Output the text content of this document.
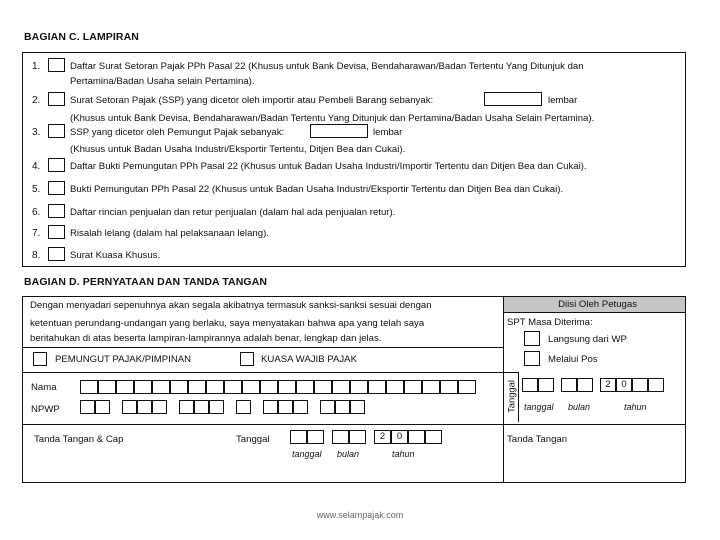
BAGIAN C. LAMPIRAN
1.	Daftar Surat Setoran Pajak PPh Pasal 22 (Khusus untuk Bank Devisa, Bendaharawan/Badan Tertentu Yang Ditunjuk dan
Pertamina/Badan Usaha selain Pertamina).
2.	Surat Setoran Pajak (SSP) yang dicetor oleh importir atau Pembeli Barang sebanyak:	lembar
(Khusus untuk Bank Devisa, Bendaharawan/Badan Tertentu Yang Ditunjuk dan Pertamina/Badan Usaha Selain Pertamina).
3.	SSP yang dicetor oleh Pemungut Pajak sebanyak:	lembar
(Khusus untuk Badan Usaha Industri/Eksportir Tertentu, Ditjen Bea dan Cukai).
4.	Daftar Bukti Pemungutan PPh Pasal 22 (Khusus untuk Badan Usaha Industri/Importir Tertentu dan Ditjen Bea dan Cukai).
5.	Bukti Pemungutan PPh Pasal 22 (Khusus untuk Badan Usaha Industri/Eksportir Tertentu dan Ditjen Bea dan Cukai).
6.	Daftar rincian penjualan dan retur penjualan (dalam hal ada penjualan retur).
7.	Risalah lelang (dalam hal pelaksanaan lelang).
8.	Surat Kuasa Khusus.
BAGIAN D. PERNYATAAN DAN TANDA TANGAN
Dengan menyadari sepenuhnya akan segala akibatnya termasuk sanksi-sanksi sesuai dengan
ketentuan perundang-undangan yang berlaku, saya menyatakan bahwa apa yang telah saya
beritahukan di atas beserta lampiran-lampirannya adalah benar, lengkap dan jelas.
PEMUNGUT PAJAK/PIMPINAN	KUASA WAJIB PAJAK
Nama
NPWP
Tanda Tangan & Cap	Tanggal	2	0
tanggal bulan	tahun
Diisi Oleh Petugas
SPT Masa Diterima:
Langsung dari WP
Melalui Pos
Tanggal	2	0
tanggal bulan	tahun
Tanda Tangan
www.selampajak.com
